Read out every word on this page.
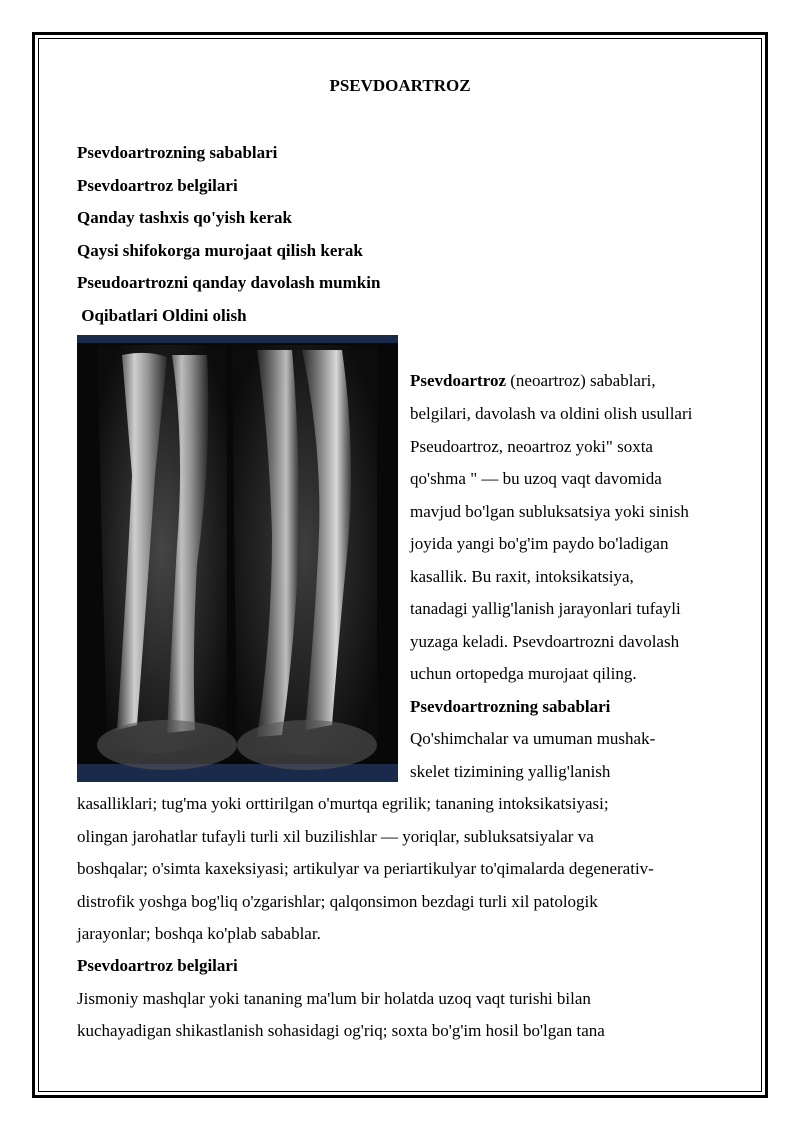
PSEVDOARTROZ
Psevdoartrozning sabablari
Psevdoartroz belgilari
Qanday tashxis qo'yish kerak
Qaysi shifokorga murojaat qilish kerak
Pseudoartrozni qanday davolash mumkin
Oqibatlari Oldini olish
Psevdoartroz (neoartroz) sabablari,
belgilari, davolash va oldini olish usullari
Pseudoartroz, neoartroz yoki" soxta
qo'shma " — bu uzoq vaqt davomida
mavjud bo'lgan subluksatsiya yoki sinish
joyida yangi bo'g'im paydo bo'ladigan
kasallik. Bu raxit, intoksikatsiya,
tanadagi yallig'lanish jarayonlari tufayli
yuzaga keladi. Psevdoartrozni davolash
uchun ortopedga murojaat qiling.
Psevdoartrozning sabablari
Qo'shimchalar va umuman mushak-
skelet tizimining yallig'lanish
kasalliklari; tug'ma yoki orttirilgan o'murtqa egrilik; tananing intoksikatsiyasi;
olingan jarohatlar tufayli turli xil buzilishlar — yoriqlar, subluksatsiyalar va
boshqalar; o'simta kaxeksiyasi; artikulyar va periartikulyar to'qimalarda degenerativ-
distrofik yoshga bog'liq o'zgarishlar; qalqonsimon bezdagi turli xil patologik
jarayonlar; boshqa ko'plab sabablar.
Psevdoartroz belgilari
Jismoniy mashqlar yoki tananing ma'lum bir holatda uzoq vaqt turishi bilan
kuchayadigan shikastlanish sohasidagi og'riq; soxta bo'g'im hosil bo'lgan tana
